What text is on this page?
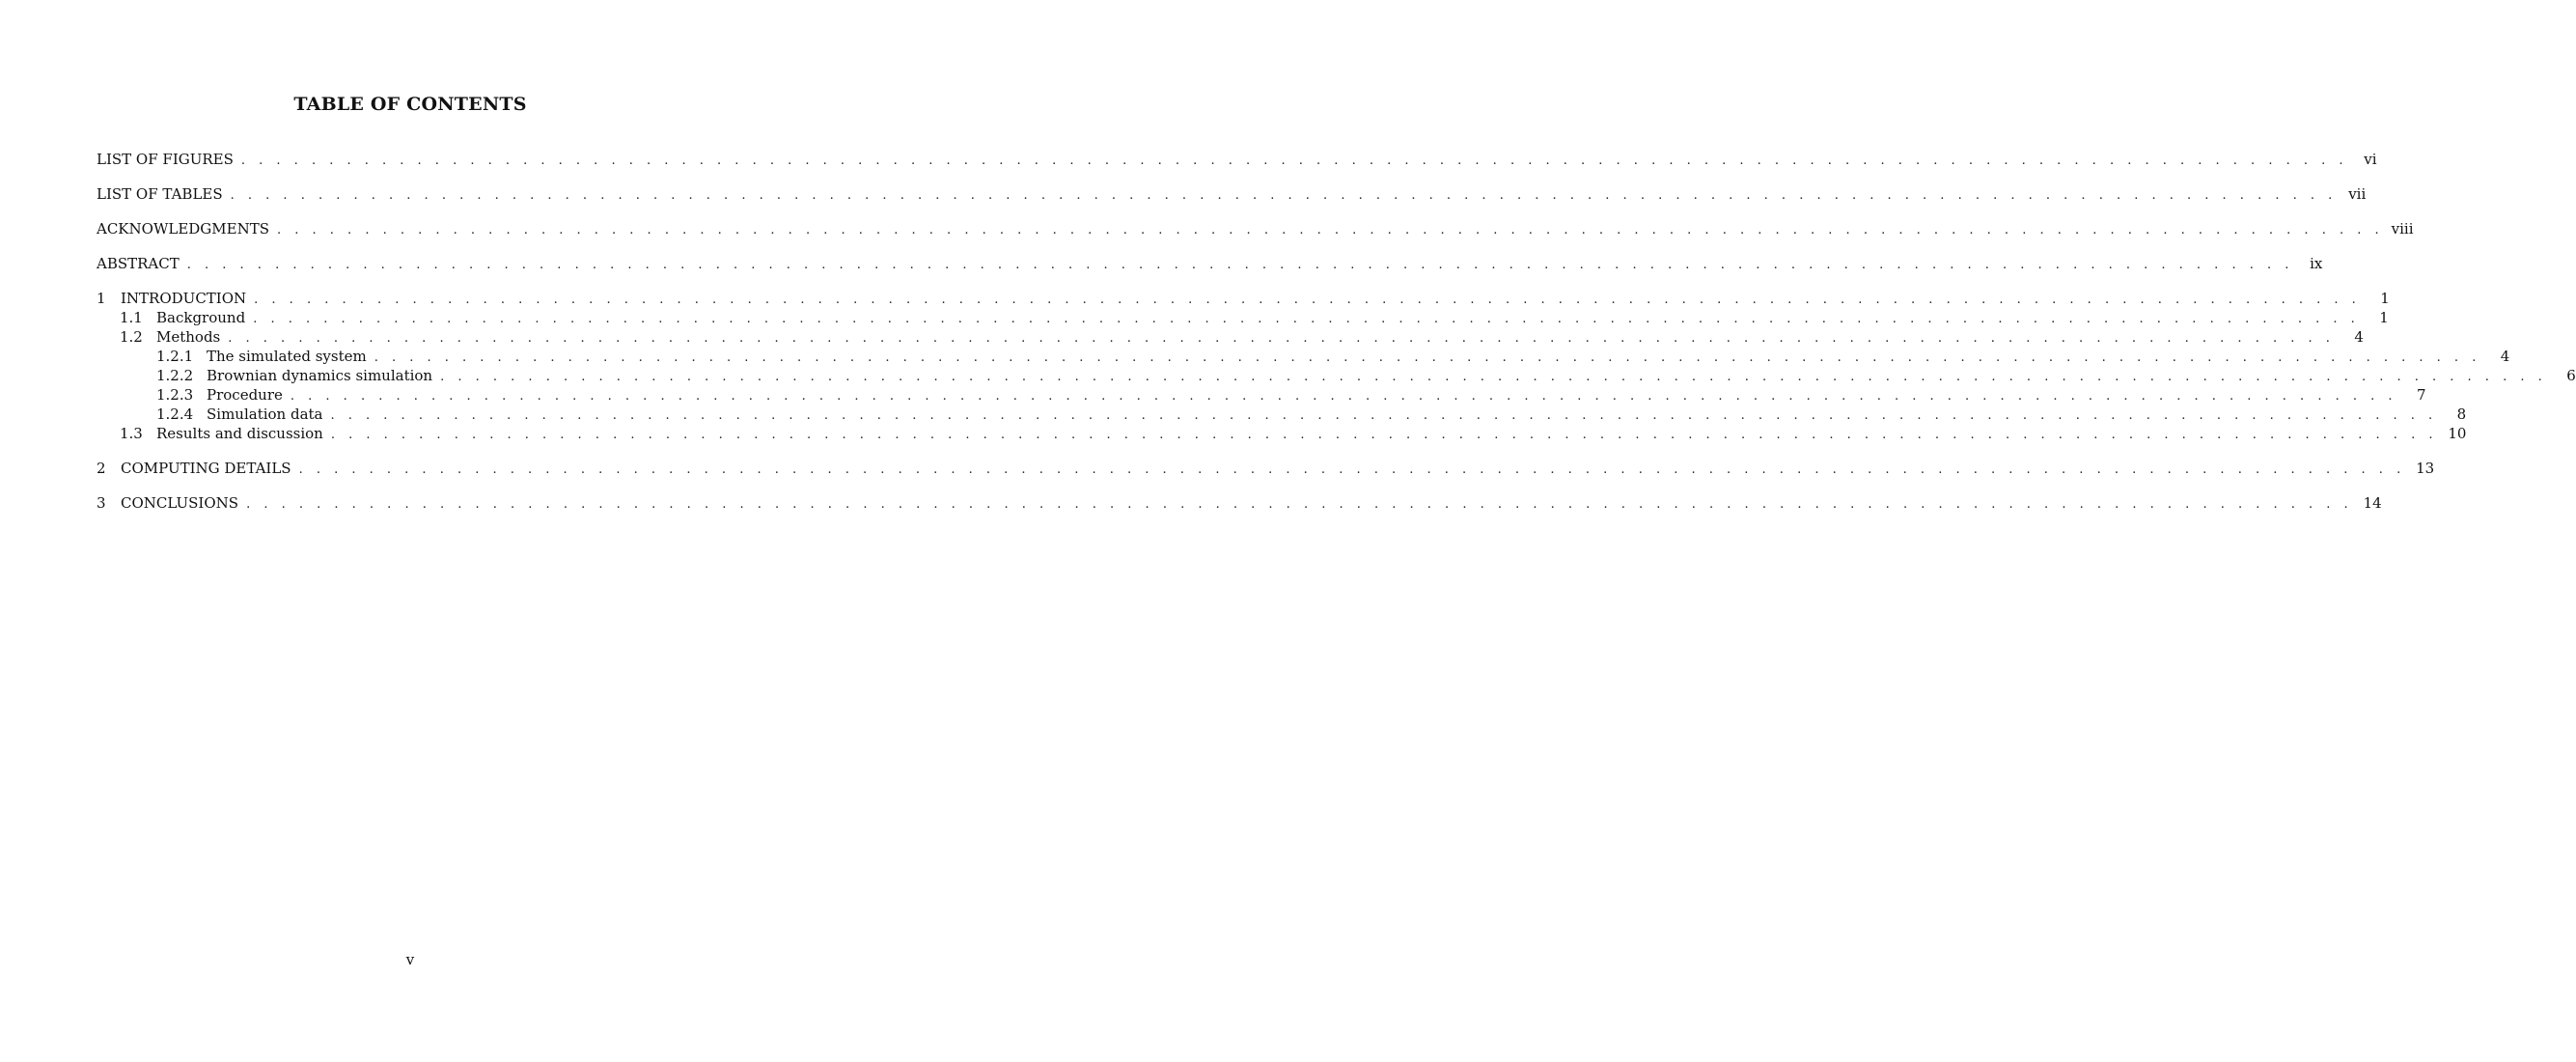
TABLE OF CONTENTS
LIST OF FIGURES . . . . . . . . . . . . . . . . . . . . . . . . . . . . . . . . . . . . . . . . . . . . . . . . . . . . . . . . . . . . . . . . . . . . . . . . . . . . . . . . . . . . . . . . . . . . . . . . . . . . . . . . . . . . . . . . . . . . . . . .	vi
LIST OF TABLES . . . . . . . . . . . . . . . . . . . . . . . . . . . . . . . . . . . . . . . . . . . . . . . . . . . . . . . . . . . . . . . . . . . . . . . . . . . . . . . . . . . . . . . . . . . . . . . . . . . . . . . . . . . . . . . . . . . . . . . . vii
ACKNOWLEDGMENTS . . . . . . . . . . . . . . . . . . . . . . . . . . . . . . . . . . . . . . . . . . . . . . . . . . . . . . . . . . . . . . . . . . . . . . . . . . . . . . . . . . . . . . . . . . . . . . . . . . . . . . . . . . . . . . . . . . . . . . . . viii
ABSTRACT . . . . . . . . . . . . . . . . . . . . . . . . . . . . . . . . . . . . . . . . . . . . . . . . . . . . . . . . . . . . . . . . . . . . . . . . . . . . . . . . . . . . . . . . . . . . . . . . . . . . . . . . . . . . . . . . . . . . . . . .	ix
1	INTRODUCTION . . . . . . . . . . . . . . . . . . . . . . . . . . . . . . . . . . . . . . . . . . . . . . . . . . . . . . . . . . . . . . . . . . . . . . . . . . . . . . . . . . . . . . . . . . . . . . . . . . . . . . . . . . . . . . . . . . . . . . . .	1
1.1 Background . . . . . . . . . . . . . . . . . . . . . . . . . . . . . . . . . . . . . . . . . . . . . . . . . . . . . . . . . . . . . . . . . . . . . . . . . . . . . . . . . . . . . . . . . . . . . . . . . . . . . . . . . . . . . . . . . . . . . . . .	1
1.2 Methods . . . . . . . . . . . . . . . . . . . . . . . . . . . . . . . . . . . . . . . . . . . . . . . . . . . . . . . . . . . . . . . . . . . . . . . . . . . . . . . . . . . . . . . . . . . . . . . . . . . . . . . . . . . . . . . . . . . . . . . .	4
1.2.1 The simulated system . . . . . . . . . . . . . . . . . . . . . . . . . . . . . . . . . . . . . . . . . . . . . . . . . . . . . . . . . . . . . . . . . . . . . . . . . . . . . . . . . . . . . . . . . . . . . . . . . . . . . . . . . . . . . . . . . . . . . . . .	4
1.2.2 Brownian dynamics simulation . . . . . . . . . . . . . . . . . . . . . . . . . . . . . . . . . . . . . . . . . . . . . . . . . . . . . . . . . . . . . . . . . . . . . . . . . . . . . . . . . . . . . . . . . . . . . . . . . . . . . . . . . . . . . . . . . . . . . . . .	6
1.2.3 Procedure . . . . . . . . . . . . . . . . . . . . . . . . . . . . . . . . . . . . . . . . . . . . . . . . . . . . . . . . . . . . . . . . . . . . . . . . . . . . . . . . . . . . . . . . . . . . . . . . . . . . . . . . . . . . . . . . . . . . . . . .	7
1.2.4 Simulation data . . . . . . . . . . . . . . . . . . . . . . . . . . . . . . . . . . . . . . . . . . . . . . . . . . . . . . . . . . . . . . . . . . . . . . . . . . . . . . . . . . . . . . . . . . . . . . . . . . . . . . . . . . . . . . . . . . . . . . . .	8
1.3 Results and discussion . . . . . . . . . . . . . . . . . . . . . . . . . . . . . . . . . . . . . . . . . . . . . . . . . . . . . . . . . . . . . . . . . . . . . . . . . . . . . . . . . . . . . . . . . . . . . . . . . . . . . . . . . . . . . . . . . . . . . . . . 10
2	COMPUTING DETAILS . . . . . . . . . . . . . . . . . . . . . . . . . . . . . . . . . . . . . . . . . . . . . . . . . . . . . . . . . . . . . . . . . . . . . . . . . . . . . . . . . . . . . . . . . . . . . . . . . . . . . . . . . . . . . . . . . . . . . . . . 13
3	CONCLUSIONS . . . . . . . . . . . . . . . . . . . . . . . . . . . . . . . . . . . . . . . . . . . . . . . . . . . . . . . . . . . . . . . . . . . . . . . . . . . . . . . . . . . . . . . . . . . . . . . . . . . . . . . . . . . . . . . . . . . . . . . . 14
v
